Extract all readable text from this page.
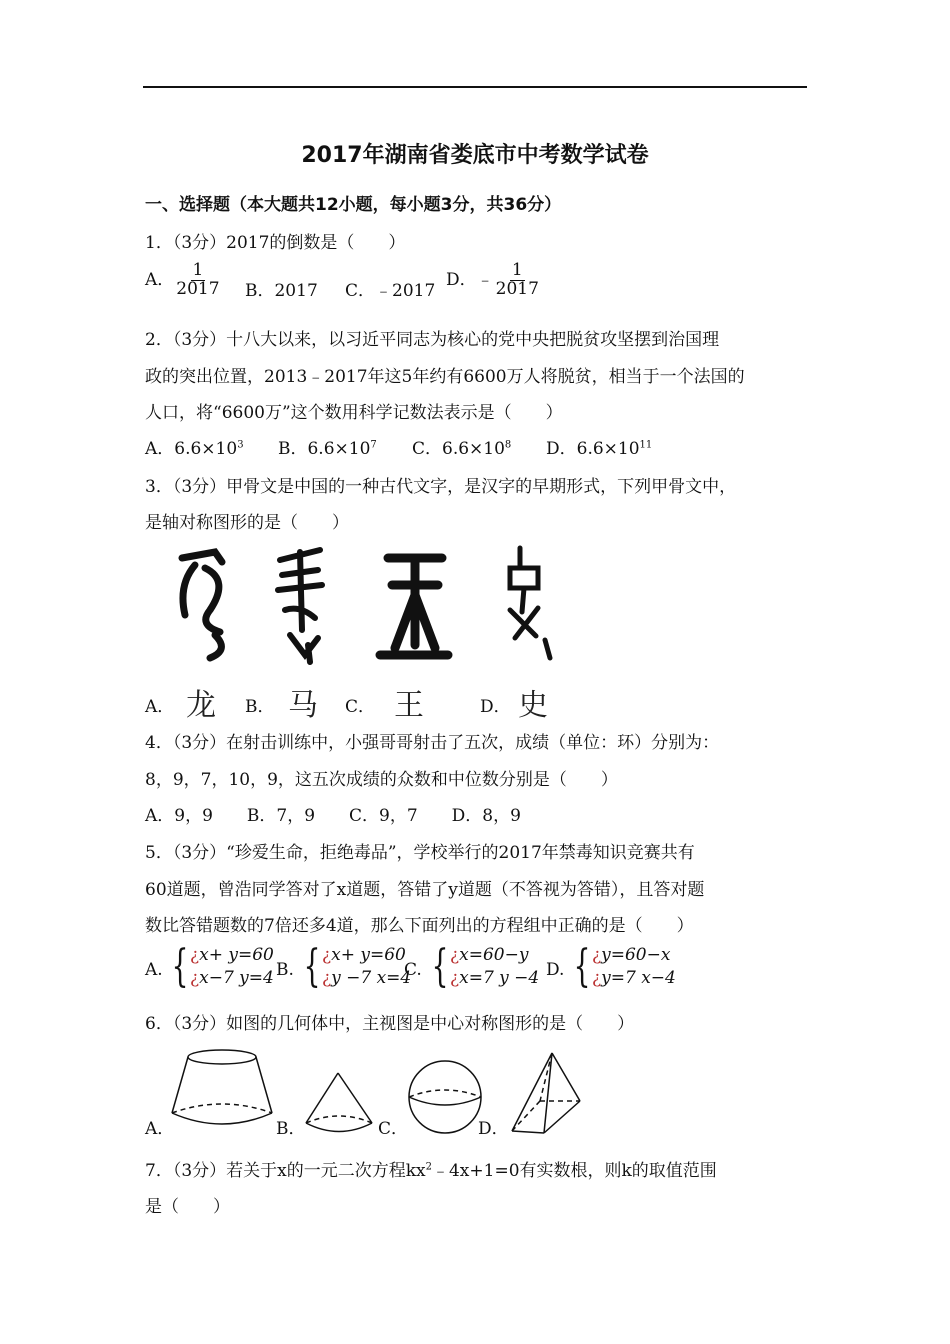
2017年湖南省娄底市中考数学试卷
一、选择题（本大题共12小题，每小题3分，共36分）
1．（3分）2017的倒数是（　　）
A． $\frac{1}{2017}$ B．2017 C．﹣2017
D．﹣ $\frac{1}{2017}$
2．（3分）十八大以来，以习近平同志为核心的党中央把脱贫攻坚摆到治国理
政的突出位置，2013﹣2017年这5年约有6600万人将脱贫，相当于一个法国的
人口，将“6600万”这个数用科学记数法表示是（　　）
A．$6.6\times 10^3$ B．$6.6\times 10^7$ C．$6.6\times 10^8$ D．$6.6\times 10^{11}$
3．（3分）甲骨文是中国的一种古代文字，是汉字的早期形式，下列甲骨文中，
是轴对称图形的是（　　）
A． 龙 B． 马 C． 王	D． 史
4．（3分）在射击训练中，小强哥哥射击了五次，成绩（单位：环）分别为：
8，9，7，10，9，这五次成绩的众数和中位数分别是（　　）
A．9，9　　B．7，9　　C．9，7　　D．8，9
5．（3分）“珍爱生命，拒绝毒品”，学校举行的2017年禁毒知识竞赛共有
60道题，曾浩同学答对了x道题，答错了y道题（不答视为答错），且答对题
数比答错题数的7倍还多4道，那么下面列出的方程组中正确的是（　　）
A. { ¿x+ y=60
¿x−7 y=4 B. { ¿x+ y=60
¿y −7 x=4
C. { ¿x=60−y
¿x=7 y −4 D. { ¿y=60−x
¿y=7 x−4
6．（3分）如图的几何体中，主视图是中心对称图形的是（　　）
A．	B．	C．	D．
7．（3分）若关于x的一元二次方程$kx^2﹣4x+1=0$有实数根，则k的取值范围
是（　　）
